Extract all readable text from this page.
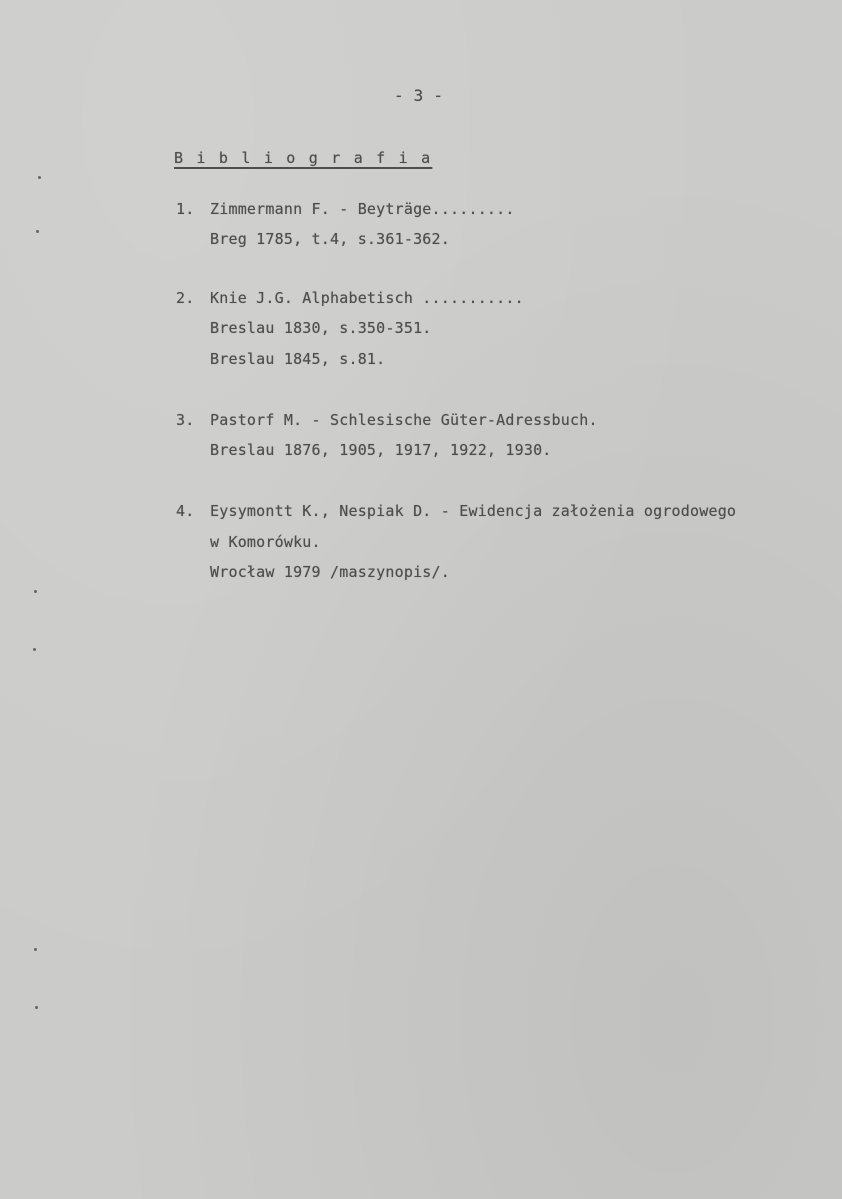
- 3 -
B i b l i o g r a f i a
1. Zimmermann F. - Beyträge.........
Breg 1785, t.4, s.361-362.
2. Knie J.G. Alphabetisch ...........
Breslau 1830, s.350-351.
Breslau 1845, s.81.
3. Pastorf M. - Schlesische Güter-Adressbuch.
Breslau 1876, 1905, 1917, 1922, 1930.
4. Eysymontt K., Nespiak D. - Ewidencja założenia ogrodowego
w Komorówku.
Wrocław 1979 /maszynopis/.
